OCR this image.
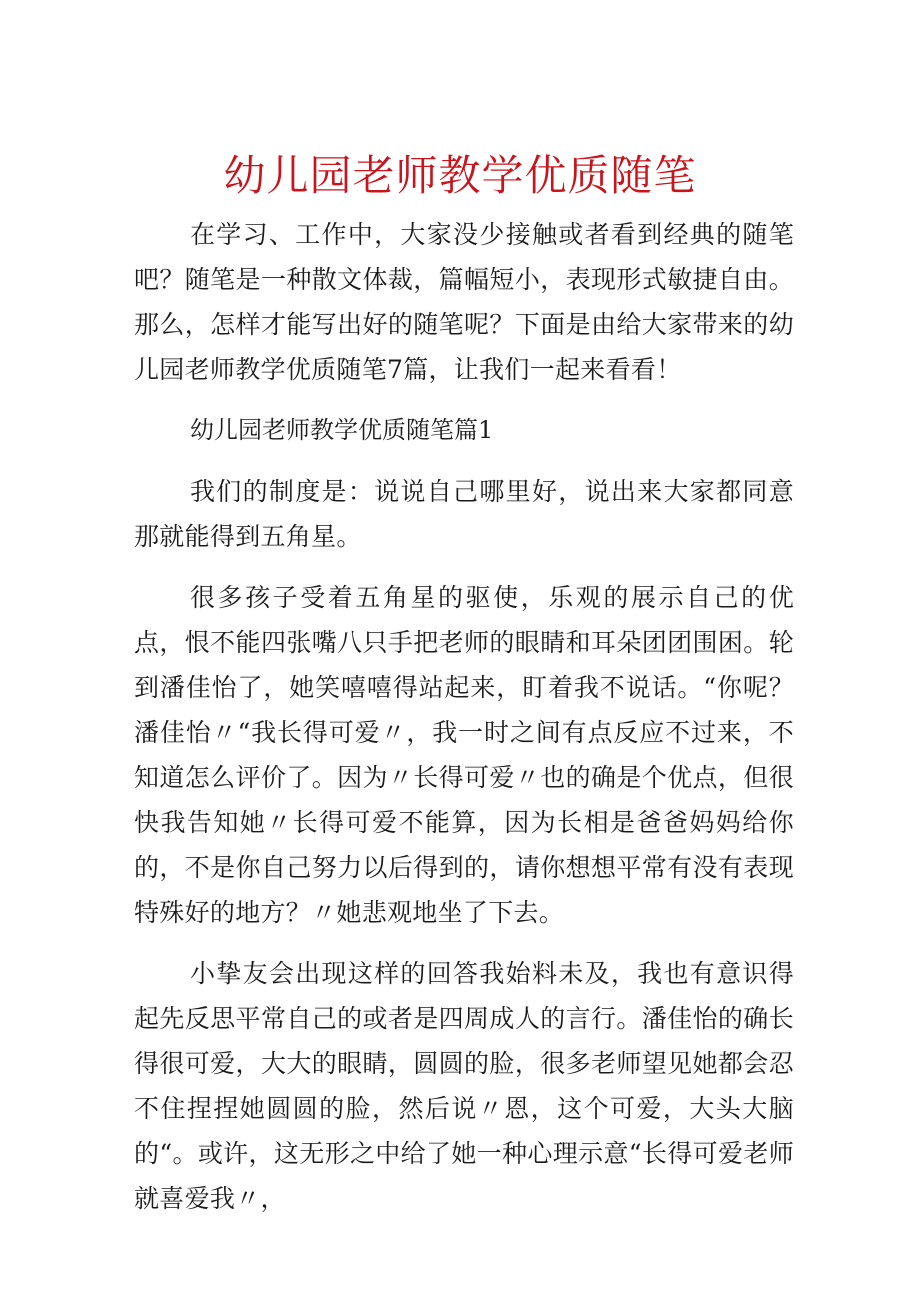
幼儿园老师教学优质随笔

在学习、工作中，大家没少接触或者看到经典的随笔吧？随笔是一种散文体裁，篇幅短小，表现形式敏捷自由。那么，怎样才能写出好的随笔呢？下面是由给大家带来的幼儿园老师教学优质随笔7篇，让我们一起来看看！

幼儿园老师教学优质随笔篇1

我们的制度是：说说自己哪里好，说出来大家都同意那就能得到五角星。

很多孩子受着五角星的驱使，乐观的展示自己的优点，恨不能四张嘴八只手把老师的眼睛和耳朵团团围困。轮到潘佳怡了，她笑嘻嘻得站起来，盯着我不说话。“你呢？潘佳怡〃“我长得可爱〃，我一时之间有点反应不过来，不知道怎么评价了。因为〃长得可爱〃也的确是个优点，但很快我告知她〃长得可爱不能算，因为长相是爸爸妈妈给你的，不是你自己努力以后得到的，请你想想平常有没有表现特殊好的地方？〃她悲观地坐了下去。

小挚友会出现这样的回答我始料未及，我也有意识得起先反思平常自己的或者是四周成人的言行。潘佳怡的确长得很可爱，大大的眼睛，圆圆的脸，很多老师望见她都会忍不住捏捏她圆圆的脸，然后说〃恩，这个可爱，大头大脑的“。或许，这无形之中给了她一种心理示意“长得可爱老师就喜爱我〃，
